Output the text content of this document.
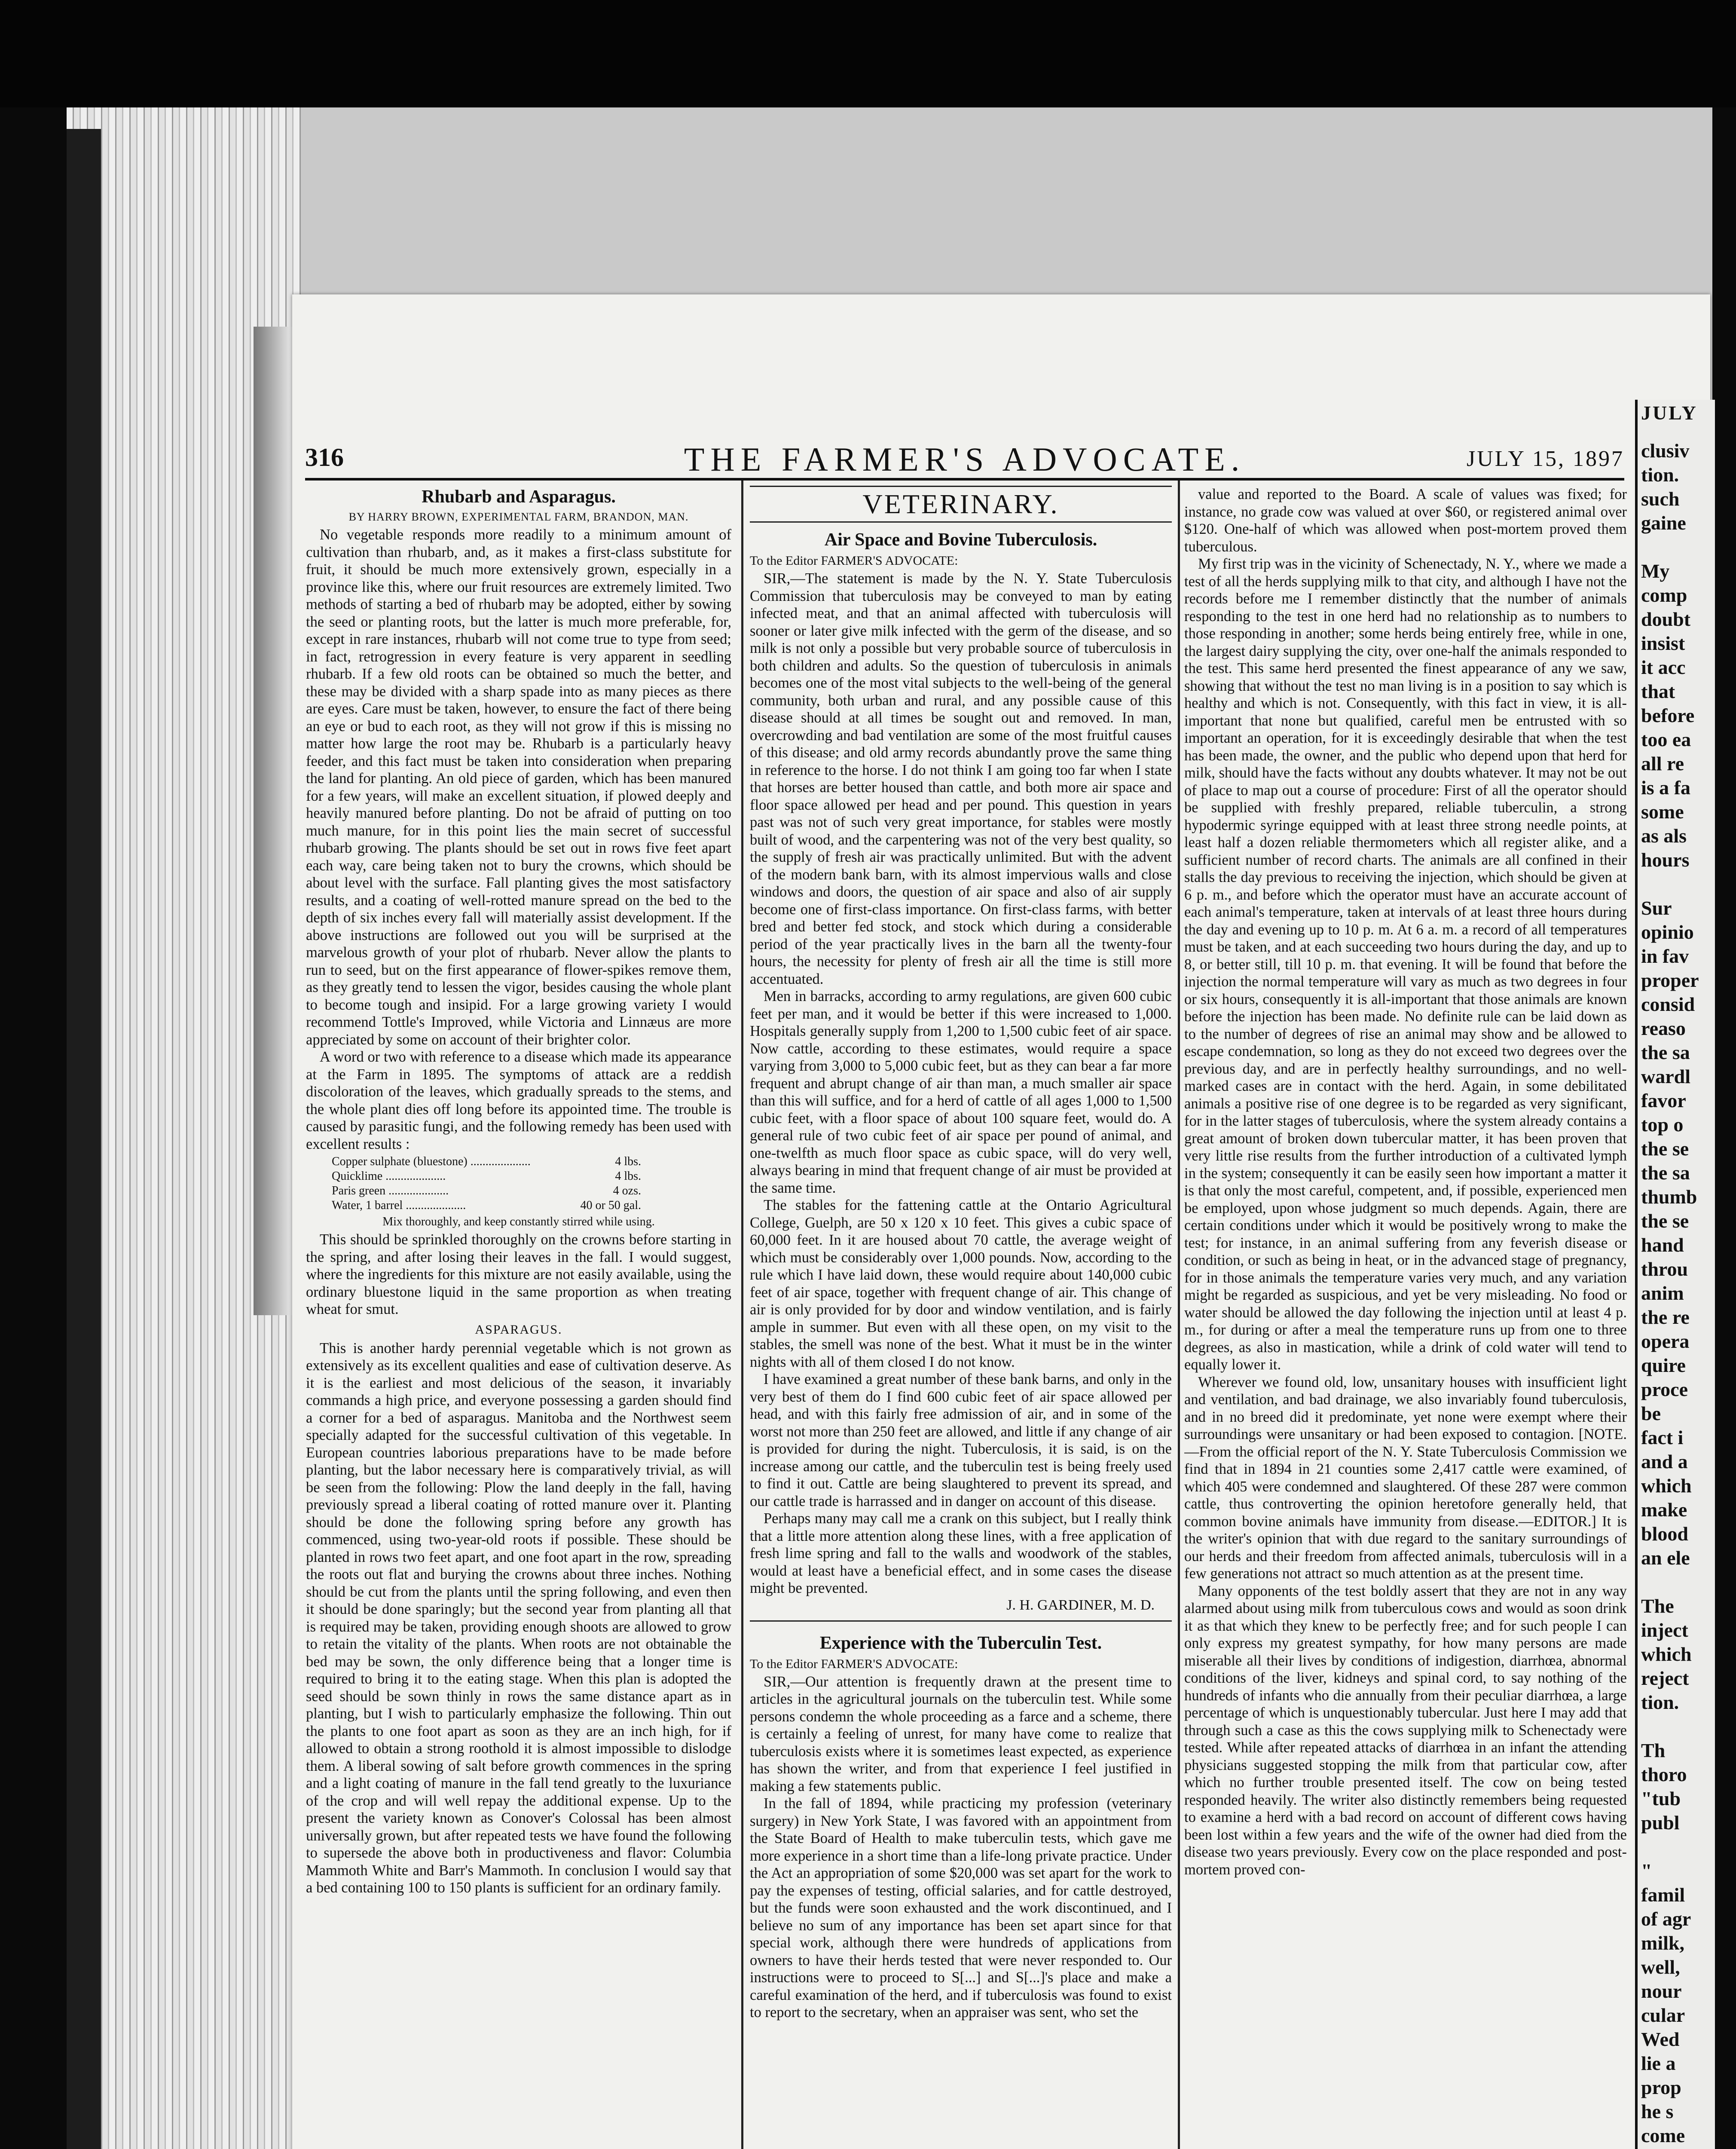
JULY
clusiv
tion.
such
gaine
My
comp
doubt
insist
it acc
that
before
too ea
all re
is a fa
some
as als
hours
Sur
opinio
in fav
proper
consid
reaso
the sa
wardl
favor
top o
the se
the sa
thumb
the se
hand
throu
anim
the re
opera
quire
proce
be
fact i
and a
which
make
blood
an ele
The
inject
which
reject
tion.
Th
thoro
"tub
publ
"
famil
of agr
milk,
well,
nour
cular
Wed
lie a
prop
he s
come
316	THE FARMER'S ADVOCATE.	JULY 15, 1897
Rhubarb and Asparagus.
BY HARRY BROWN, EXPERIMENTAL FARM, BRANDON, MAN.

No vegetable responds more readily to a minimum amount of cultivation than rhubarb, and, as it makes a first-class substitute for fruit, it should be much more extensively grown, especially in a province like this, where our fruit resources are extremely limited. Two methods of starting a bed of rhubarb may be adopted, either by sowing the seed or planting roots, but the latter is much more preferable, for, except in rare instances, rhubarb will not come true to type from seed; in fact, retrogression in every feature is very apparent in seedling rhubarb. If a few old roots can be obtained so much the better, and these may be divided with a sharp spade into as many pieces as there are eyes. Care must be taken, however, to ensure the fact of there being an eye or bud to each root, as they will not grow if this is missing no matter how large the root may be. Rhubarb is a particularly heavy feeder, and this fact must be taken into consideration when preparing the land for planting. An old piece of garden, which has been manured for a few years, will make an excellent situation, if plowed deeply and heavily manured before planting. Do not be afraid of putting on too much manure, for in this point lies the main secret of successful rhubarb growing. The plants should be set out in rows five feet apart each way, care being taken not to bury the crowns, which should be about level with the surface. Fall planting gives the most satisfactory results, and a coating of well-rotted manure spread on the bed to the depth of six inches every fall will materially assist development. If the above instructions are followed out you will be surprised at the marvelous growth of your plot of rhubarb. Never allow the plants to run to seed, but on the first appearance of flower-spikes remove them, as they greatly tend to lessen the vigor, besides causing the whole plant to become tough and insipid. For a large growing variety I would recommend Tottle's Improved, while Victoria and Linnæus are more appreciated by some on account of their brighter color.

A word or two with reference to a disease which made its appearance at the Farm in 1895. The symptoms of attack are a reddish discoloration of the leaves, which gradually spreads to the stems, and the whole plant dies off long before its appointed time. The trouble is caused by parasitic fungi, and the following remedy has been used with excellent results :

Copper sulphate (bluestone) ....................	4 lbs.
Quicklime ....................	4 lbs.
Paris green ....................	4 ozs.
Water, 1 barrel ....................	40 or 50 gal.
Mix thoroughly, and keep constantly stirred while using.

This should be sprinkled thoroughly on the crowns before starting in the spring, and after losing their leaves in the fall. I would suggest, where the ingredients for this mixture are not easily available, using the ordinary bluestone liquid in the same proportion as when treating wheat for smut.

ASPARAGUS.

This is another hardy perennial vegetable which is not grown as extensively as its excellent qualities and ease of cultivation deserve. As it is the earliest and most delicious of the season, it invariably commands a high price, and everyone possessing a garden should find a corner for a bed of asparagus. Manitoba and the Northwest seem specially adapted for the successful cultivation of this vegetable. In European countries laborious preparations have to be made before planting, but the labor necessary here is comparatively trivial, as will be seen from the following: Plow the land deeply in the fall, having previously spread a liberal coating of rotted manure over it. Planting should be done the following spring before any growth has commenced, using two-year-old roots if possible. These should be planted in rows two feet apart, and one foot apart in the row, spreading the roots out flat and burying the crowns about three inches. Nothing should be cut from the plants until the spring following, and even then it should be done sparingly; but the second year from planting all that is required may be taken, providing enough shoots are allowed to grow to retain the vitality of the plants. When roots are not obtainable the bed may be sown, the only difference being that a longer time is required to bring it to the eating stage. When this plan is adopted the seed should be sown thinly in rows the same distance apart as in planting, but I wish to particularly emphasize the following. Thin out the plants to one foot apart as soon as they are an inch high, for if allowed to obtain a strong roothold it is almost impossible to dislodge them. A liberal sowing of salt before growth commences in the spring and a light coating of manure in the fall tend greatly to the luxuriance of the crop and will well repay the additional expense. Up to the present the variety known as Conover's Colossal has been almost universally grown, but after repeated tests we have found the following to supersede the above both in productiveness and flavor: Columbia Mammoth White and Barr's Mammoth. In conclusion I would say that a bed containing 100 to 150 plants is sufficient for an ordinary family.

VETERINARY.
Air Space and Bovine Tuberculosis.
To the Editor FARMER'S ADVOCATE:

SIR,—The statement is made by the N. Y. State Tuberculosis Commission that tuberculosis may be conveyed to man by eating infected meat, and that an animal affected with tuberculosis will sooner or later give milk infected with the germ of the disease, and so milk is not only a possible but very probable source of tuberculosis in both children and adults. So the question of tuberculosis in animals becomes one of the most vital subjects to the well-being of the general community, both urban and rural, and any possible cause of this disease should at all times be sought out and removed. In man, overcrowding and bad ventilation are some of the most fruitful causes of this disease; and old army records abundantly prove the same thing in reference to the horse. I do not think I am going too far when I state that horses are better housed than cattle, and both more air space and floor space allowed per head and per pound. This question in years past was not of such very great importance, for stables were mostly built of wood, and the carpentering was not of the very best quality, so the supply of fresh air was practically unlimited. But with the advent of the modern bank barn, with its almost impervious walls and close windows and doors, the question of air space and also of air supply become one of first-class importance. On first-class farms, with better bred and better fed stock, and stock which during a considerable period of the year practically lives in the barn all the twenty-four hours, the necessity for plenty of fresh air all the time is still more accentuated.

Men in barracks, according to army regulations, are given 600 cubic feet per man, and it would be better if this were increased to 1,000. Hospitals generally supply from 1,200 to 1,500 cubic feet of air space. Now cattle, according to these estimates, would require a space varying from 3,000 to 5,000 cubic feet, but as they can bear a far more frequent and abrupt change of air than man, a much smaller air space than this will suffice, and for a herd of cattle of all ages 1,000 to 1,500 cubic feet, with a floor space of about 100 square feet, would do. A general rule of two cubic feet of air space per pound of animal, and one-twelfth as much floor space as cubic space, will do very well, always bearing in mind that frequent change of air must be provided at the same time.

The stables for the fattening cattle at the Ontario Agricultural College, Guelph, are 50 x 120 x 10 feet. This gives a cubic space of 60,000 feet. In it are housed about 70 cattle, the average weight of which must be considerably over 1,000 pounds. Now, according to the rule which I have laid down, these would require about 140,000 cubic feet of air space, together with frequent change of air. This change of air is only provided for by door and window ventilation, and is fairly ample in summer. But even with all these open, on my visit to the stables, the smell was none of the best. What it must be in the winter nights with all of them closed I do not know.

I have examined a great number of these bank barns, and only in the very best of them do I find 600 cubic feet of air space allowed per head, and with this fairly free admission of air, and in some of the worst not more than 250 feet are allowed, and little if any change of air is provided for during the night. Tuberculosis, it is said, is on the increase among our cattle, and the tuberculin test is being freely used to find it out. Cattle are being slaughtered to prevent its spread, and our cattle trade is harrassed and in danger on account of this disease.

Perhaps many may call me a crank on this subject, but I really think that a little more attention along these lines, with a free application of fresh lime spring and fall to the walls and woodwork of the stables, would at least have a beneficial effect, and in some cases the disease might be prevented.

J. H. GARDINER, M. D.
Experience with the Tuberculin Test.
To the Editor FARMER'S ADVOCATE:

SIR,—Our attention is frequently drawn at the present time to articles in the agricultural journals on the tuberculin test. While some persons condemn the whole proceeding as a farce and a scheme, there is certainly a feeling of unrest, for many have come to realize that tuberculosis exists where it is sometimes least expected, as experience has shown the writer, and from that experience I feel justified in making a few statements public.

In the fall of 1894, while practicing my profession (veterinary surgery) in New York State, I was favored with an appointment from the State Board of Health to make tuberculin tests, which gave me more experience in a short time than a life-long private practice. Under the Act an appropriation of some $20,000 was set apart for the work to pay the expenses of testing, official salaries, and for cattle destroyed, but the funds were soon exhausted and the work discontinued, and I believe no sum of any importance has been set apart since for that special work, although there were hundreds of applications from owners to have their herds tested that were never responded to. Our instructions were to proceed to S[...] and S[...]'s place and make a careful examination of the herd, and if tuberculosis was found to exist to report to the secretary, when an appraiser was sent, who set the

value and reported to the Board. A scale of values was fixed; for instance, no grade cow was valued at over $60, or registered animal over $120. One-half of which was allowed when post-mortem proved them tuberculous.

My first trip was in the vicinity of Schenectady, N. Y., where we made a test of all the herds supplying milk to that city, and although I have not the records before me I remember distinctly that the number of animals responding to the test in one herd had no relationship as to numbers to those responding in another; some herds being entirely free, while in one, the largest dairy supplying the city, over one-half the animals responded to the test. This same herd presented the finest appearance of any we saw, showing that without the test no man living is in a position to say which is healthy and which is not. Consequently, with this fact in view, it is all-important that none but qualified, careful men be entrusted with so important an operation, for it is exceedingly desirable that when the test has been made, the owner, and the public who depend upon that herd for milk, should have the facts without any doubts whatever. It may not be out of place to map out a course of procedure: First of all the operator should be supplied with freshly prepared, reliable tuberculin, a strong hypodermic syringe equipped with at least three strong needle points, at least half a dozen reliable thermometers which all register alike, and a sufficient number of record charts. The animals are all confined in their stalls the day previous to receiving the injection, which should be given at 6 p. m., and before which the operator must have an accurate account of each animal's temperature, taken at intervals of at least three hours during the day and evening up to 10 p. m. At 6 a. m. a record of all temperatures must be taken, and at each succeeding two hours during the day, and up to 8, or better still, till 10 p. m. that evening. It will be found that before the injection the normal temperature will vary as much as two degrees in four or six hours, consequently it is all-important that those animals are known before the injection has been made. No definite rule can be laid down as to the number of degrees of rise an animal may show and be allowed to escape condemnation, so long as they do not exceed two degrees over the previous day, and are in perfectly healthy surroundings, and no well-marked cases are in contact with the herd. Again, in some debilitated animals a positive rise of one degree is to be regarded as very significant, for in the latter stages of tuberculosis, where the system already contains a great amount of broken down tubercular matter, it has been proven that very little rise results from the further introduction of a cultivated lymph in the system; consequently it can be easily seen how important a matter it is that only the most careful, competent, and, if possible, experienced men be employed, upon whose judgment so much depends. Again, there are certain conditions under which it would be positively wrong to make the test; for instance, in an animal suffering from any feverish disease or condition, or such as being in heat, or in the advanced stage of pregnancy, for in those animals the temperature varies very much, and any variation might be regarded as suspicious, and yet be very misleading. No food or water should be allowed the day following the injection until at least 4 p. m., for during or after a meal the temperature runs up from one to three degrees, as also in mastication, while a drink of cold water will tend to equally lower it.

Wherever we found old, low, unsanitary houses with insufficient light and ventilation, and bad drainage, we also invariably found tuberculosis, and in no breed did it predominate, yet none were exempt where their surroundings were unsanitary or had been exposed to contagion. [NOTE.—From the official report of the N. Y. State Tuberculosis Commission we find that in 1894 in 21 counties some 2,417 cattle were examined, of which 405 were condemned and slaughtered. Of these 287 were common cattle, thus controverting the opinion heretofore generally held, that common bovine animals have immunity from disease.—EDITOR.] It is the writer's opinion that with due regard to the sanitary surroundings of our herds and their freedom from affected animals, tuberculosis will in a few generations not attract so much attention as at the present time.

Many opponents of the test boldly assert that they are not in any way alarmed about using milk from tuberculous cows and would as soon drink it as that which they knew to be perfectly free; and for such people I can only express my greatest sympathy, for how many persons are made miserable all their lives by conditions of indigestion, diarrhœa, abnormal conditions of the liver, kidneys and spinal cord, to say nothing of the hundreds of infants who die annually from their peculiar diarrhœa, a large percentage of which is unquestionably tubercular. Just here I may add that through such a case as this the cows supplying milk to Schenectady were tested. While after repeated attacks of diarrhœa in an infant the attending physicians suggested stopping the milk from that particular cow, after which no further trouble presented itself. The cow on being tested responded heavily. The writer also distinctly remembers being requested to examine a herd with a bad record on account of different cows having been lost within a few years and the wife of the owner had died from the disease two years previously. Every cow on the place responded and post-mortem proved con-
